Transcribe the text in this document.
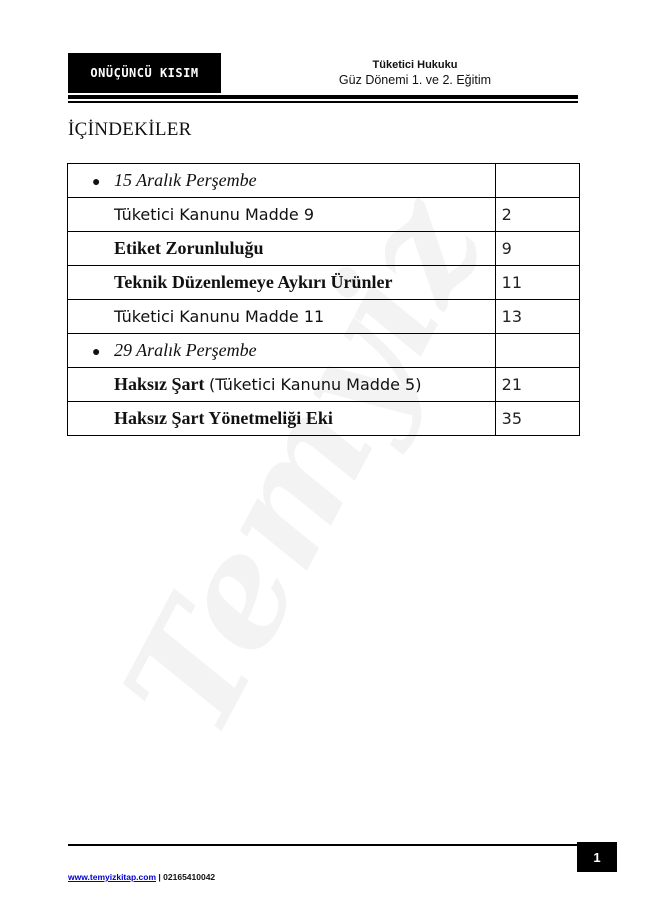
ONÜÇÜNCÜ KISIM
Tüketici Hukuku
Güz Dönemi 1. ve 2. Eğitim
İÇİNDEKİLER
● 15 Aralık Perşembe	
Tüketici Kanunu Madde 9	2
Etiket Zorunluluğu	9
Teknik Düzenlemeye Aykırı Ürünler	11
Tüketici Kanunu Madde 11	13
● 29 Aralık Perşembe	
Haksız Şart (Tüketici Kanunu Madde 5)	21
Haksız Şart Yönetmeliği Eki	35
1
www.temyizkitap.com | 02165410042
